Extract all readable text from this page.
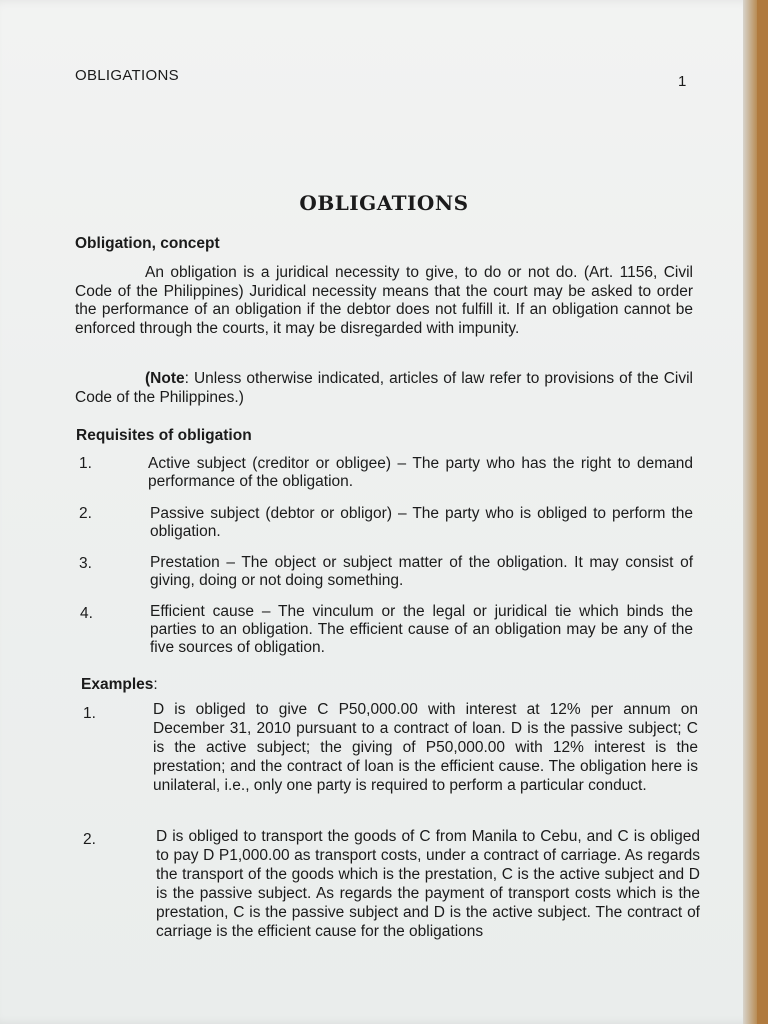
OBLIGATIONS	1
OBLIGATIONS
Obligation, concept
An obligation is a juridical necessity to give, to do or not do. (Art. 1156, Civil Code of the Philippines) Juridical necessity means that the court may be asked to order the performance of an obligation if the debtor does not fulfill it. If an obligation cannot be enforced through the courts, it may be disregarded with impunity.
(Note: Unless otherwise indicated, articles of law refer to provisions of the Civil Code of the Philippines.)
Requisites of obligation
1.	Active subject (creditor or obligee) – The party who has the right to demand performance of the obligation.
2.	Passive subject (debtor or obligor) – The party who is obliged to perform the obligation.
3.	Prestation – The object or subject matter of the obligation. It may consist of giving, doing or not doing something.
4.	Efficient cause – The vinculum or the legal or juridical tie which binds the parties to an obligation. The efficient cause of an obligation may be any of the five sources of obligation.
Examples:
1.	D is obliged to give C P50,000.00 with interest at 12% per annum on December 31, 2010 pursuant to a contract of loan. D is the passive subject; C is the active subject; the giving of P50,000.00 with 12% interest is the prestation; and the contract of loan is the efficient cause. The obligation here is unilateral, i.e., only one party is required to perform a particular conduct.
2.	D is obliged to transport the goods of C from Manila to Cebu, and C is obliged to pay D P1,000.00 as transport costs, under a contract of carriage. As regards the transport of the goods which is the prestation, C is the active subject and D is the passive subject. As regards the payment of transport costs which is the prestation, C is the passive subject and D is the active subject. The contract of carriage is the efficient cause for the obligations
